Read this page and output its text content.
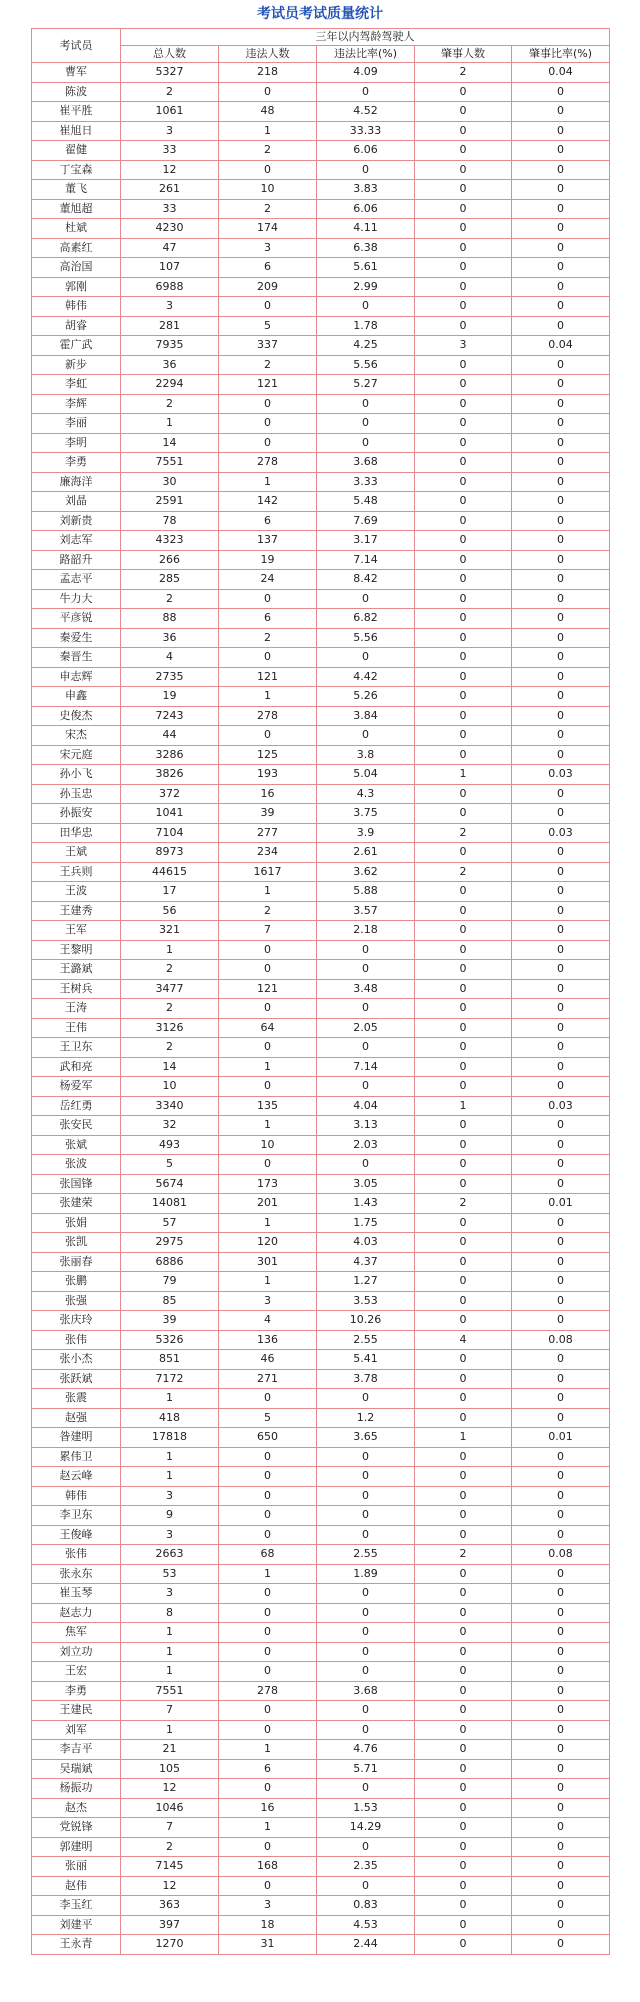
考试员考试质量统计
考试员	三年以内驾龄驾驶人				
	总人数	违法人数	违法比率(%)	肇事人数	肇事比率(%)
曹军	5327	218	4.09	2	0.04
陈波	2	0	0	0	0
崔平胜	1061	48	4.52	0	0
崔旭日	3	1	33.33	0	0
翟健	33	2	6.06	0	0
丁宝森	12	0	0	0	0
董飞	261	10	3.83	0	0
董旭超	33	2	6.06	0	0
杜斌	4230	174	4.11	0	0
高素红	47	3	6.38	0	0
高治国	107	6	5.61	0	0
郭刚	6988	209	2.99	0	0
韩伟	3	0	0	0	0
胡睿	281	5	1.78	0	0
霍广武	7935	337	4.25	3	0.04
新步	36	2	5.56	0	0
李虹	2294	121	5.27	0	0
李辉	2	0	0	0	0
李丽	1	0	0	0	0
李明	14	0	0	0	0
李勇	7551	278	3.68	0	0
廉海洋	30	1	3.33	0	0
刘晶	2591	142	5.48	0	0
刘新贵	78	6	7.69	0	0
刘志军	4323	137	3.17	0	0
路韶升	266	19	7.14	0	0
孟志平	285	24	8.42	0	0
牛力大	2	0	0	0	0
平彦锐	88	6	6.82	0	0
秦爱生	36	2	5.56	0	0
秦晋生	4	0	0	0	0
申志辉	2735	121	4.42	0	0
申鑫	19	1	5.26	0	0
史俊杰	7243	278	3.84	0	0
宋杰	44	0	0	0	0
宋元庭	3286	125	3.8	0	0
孙小飞	3826	193	5.04	1	0.03
孙玉忠	372	16	4.3	0	0
孙振安	1041	39	3.75	0	0
田华忠	7104	277	3.9	2	0.03
王斌	8973	234	2.61	0	0
王兵则	44615	1617	3.62	2	0
王波	17	1	5.88	0	0
王建秀	56	2	3.57	0	0
王军	321	7	2.18	0	0
王黎明	1	0	0	0	0
王潞斌	2	0	0	0	0
王树兵	3477	121	3.48	0	0
王涛	2	0	0	0	0
王伟	3126	64	2.05	0	0
王卫东	2	0	0	0	0
武和亮	14	1	7.14	0	0
杨爱军	10	0	0	0	0
岳红勇	3340	135	4.04	1	0.03
张安民	32	1	3.13	0	0
张斌	493	10	2.03	0	0
张波	5	0	0	0	0
张国锋	5674	173	3.05	0	0
张建荣	14081	201	1.43	2	0.01
张娟	57	1	1.75	0	0
张凯	2975	120	4.03	0	0
张丽春	6886	301	4.37	0	0
张鹏	79	1	1.27	0	0
张强	85	3	3.53	0	0
张庆玲	39	4	10.26	0	0
张伟	5326	136	2.55	4	0.08
张小杰	851	46	5.41	0	0
张跃斌	7172	271	3.78	0	0
张震	1	0	0	0	0
赵强	418	5	1.2	0	0
昝建明	17818	650	3.65	1	0.01
累伟卫	1	0	0	0	0
赵云峰	1	0	0	0	0
韩伟	3	0	0	0	0
李卫东	9	0	0	0	0
王俊峰	3	0	0	0	0
张伟	2663	68	2.55	2	0.08
张永东	53	1	1.89	0	0
崔玉琴	3	0	0	0	0
赵志力	8	0	0	0	0
焦军	1	0	0	0	0
刘立功	1	0	0	0	0
王宏	1	0	0	0	0
李勇	7551	278	3.68	0	0
王建民	7	0	0	0	0
刘军	1	0	0	0	0
李吉平	21	1	4.76	0	0
吴瑞斌	105	6	5.71	0	0
杨振功	12	0	0	0	0
赵杰	1046	16	1.53	0	0
党锐锋	7	1	14.29	0	0
郭建明	2	0	0	0	0
张丽	7145	168	2.35	0	0
赵伟	12	0	0	0	0
李玉红	363	3	0.83	0	0
刘建平	397	18	4.53	0	0
王永青	1270	31	2.44	0	0
